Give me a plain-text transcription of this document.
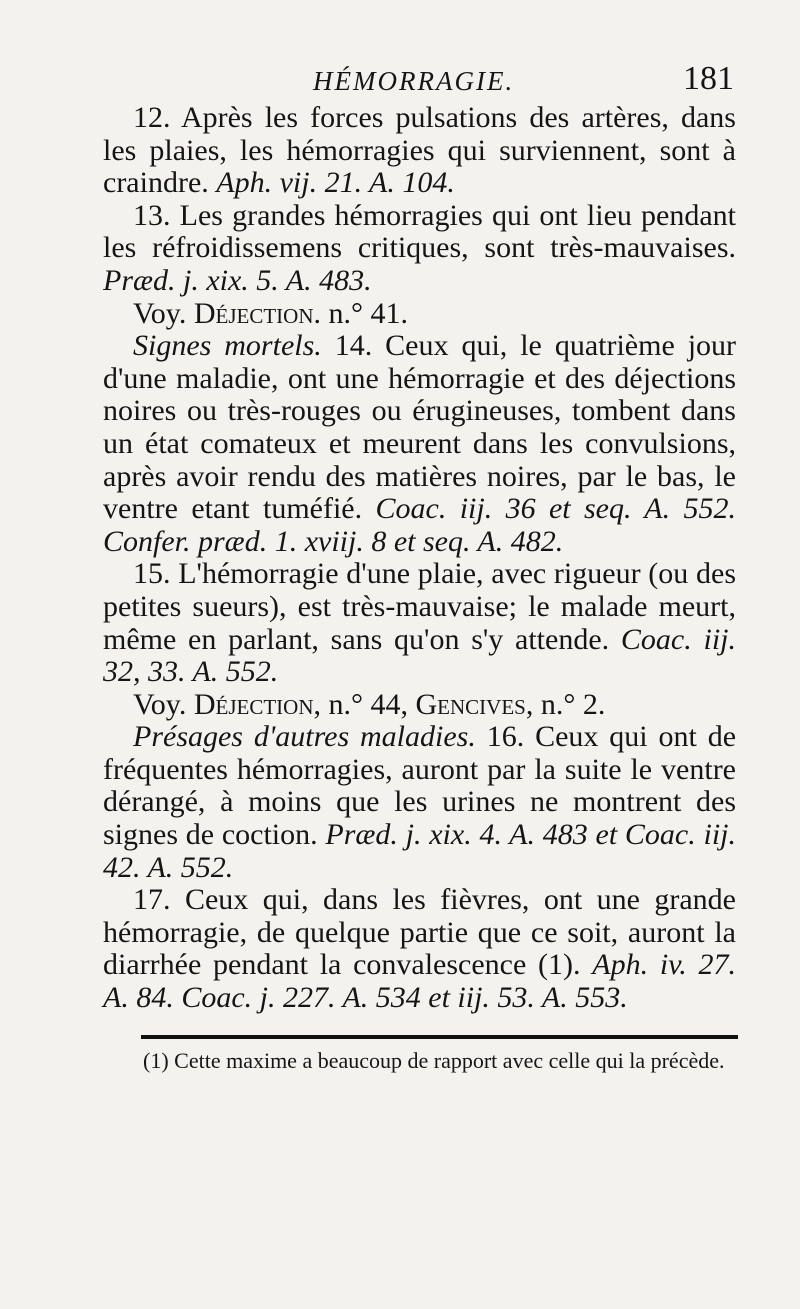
HÉMORRAGIE.	181

12. Après les forces pulsations des artères, dans les plaies, les hémorragies qui surviennent, sont à craindre. Aph. vij. 21. A. 104.

13. Les grandes hémorragies qui ont lieu pendant les réfroidissemens critiques, sont très-mauvaises. Præd. j. xix. 5. A. 483.

Voy. Déjection. n.° 41.

Signes mortels. 14. Ceux qui, le quatrième jour d'une maladie, ont une hémorragie et des déjections noires ou très-rouges ou érugineuses, tombent dans un état comateux et meurent dans les convulsions, après avoir rendu des matières noires, par le bas, le ventre etant tuméfié. Coac. iij. 36 et seq. A. 552. Confer. præd. 1. xviij. 8 et seq. A. 482.

15. L'hémorragie d'une plaie, avec rigueur (ou des petites sueurs), est très-mauvaise; le malade meurt, même en parlant, sans qu'on s'y attende. Coac. iij. 32, 33. A. 552.

Voy. Déjection, n.° 44, Gencives, n.° 2.

Présages d'autres maladies. 16. Ceux qui ont de fréquentes hémorragies, auront par la suite le ventre dérangé, à moins que les urines ne montrent des signes de coction. Præd. j. xix. 4. A. 483 et Coac. iij. 42. A. 552.

17. Ceux qui, dans les fièvres, ont une grande hémorragie, de quelque partie que ce soit, auront la diarrhée pendant la convalescence (1). Aph. iv. 27. A. 84. Coac. j. 227. A. 534 et iij. 53. A. 553.

(1) Cette maxime a beaucoup de rapport avec celle qui la précède.
